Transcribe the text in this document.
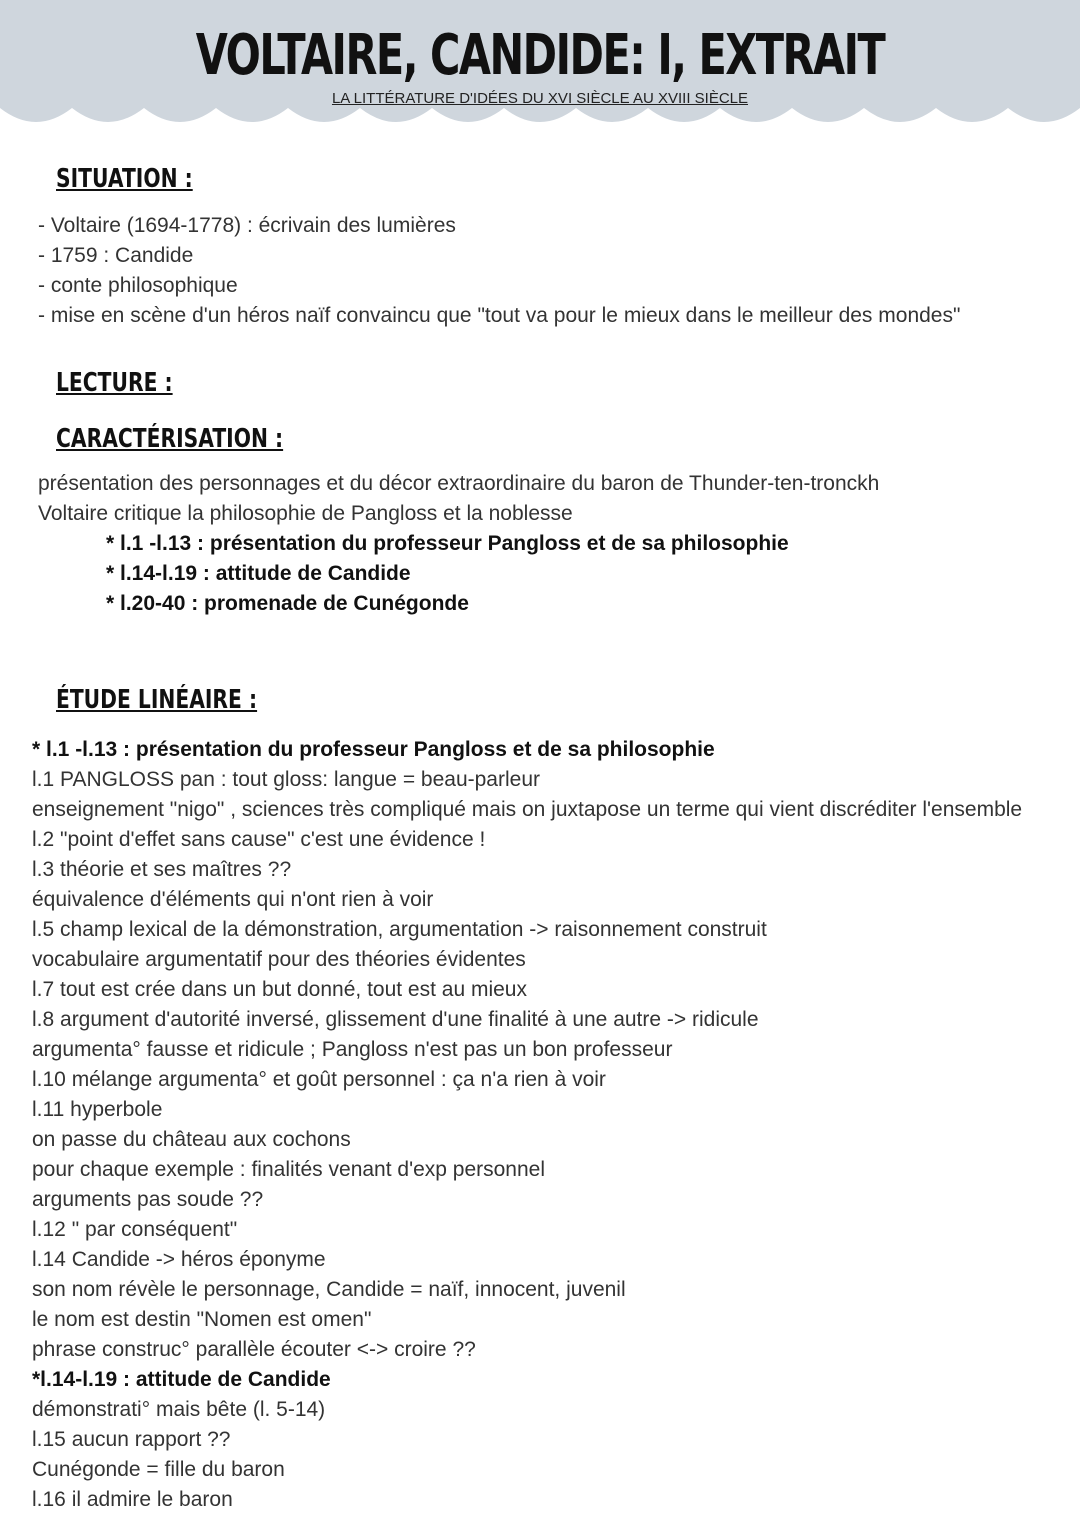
VOLTAIRE, CANDIDE: I, EXTRAIT
LA LITTÉRATURE D'IDÉES DU XVI SIÈCLE AU XVIII SIÈCLE
SITUATION :
- Voltaire (1694-1778) : écrivain des lumières
- 1759 : Candide
- conte philosophique
- mise en scène d'un héros naïf convaincu que "tout va pour le mieux dans le meilleur des mondes"
LECTURE :
CARACTÉRISATION :
présentation des personnages et du décor extraordinaire du baron de Thunder-ten-tronckh
Voltaire critique la philosophie de Pangloss et la noblesse
* l.1 -l.13 : présentation du professeur Pangloss et de sa philosophie
* l.14-l.19 : attitude de Candide
* l.20-40 : promenade de Cunégonde
ÉTUDE LINÉAIRE :
* l.1 -l.13 : présentation du professeur Pangloss et de sa philosophie
l.1 PANGLOSS pan : tout gloss: langue = beau-parleur
enseignement "nigo" , sciences très compliqué mais on juxtapose un terme qui vient discréditer l'ensemble
l.2 "point d'effet sans cause" c'est une évidence !
l.3 théorie et ses maîtres ??
équivalence d'éléments qui n'ont rien à voir
l.5 champ lexical de la démonstration, argumentation -> raisonnement construit
vocabulaire argumentatif pour des théories évidentes
l.7 tout est crée dans un but donné, tout est au mieux
l.8 argument d'autorité inversé, glissement d'une finalité à une autre -> ridicule
argumenta° fausse et ridicule ; Pangloss n'est pas un bon professeur
l.10 mélange argumenta° et goût personnel : ça n'a rien à voir
l.11 hyperbole
on passe du château aux cochons
pour chaque exemple : finalités venant d'exp personnel
arguments pas soude ??
l.12 " par conséquent"
l.14 Candide -> héros éponyme
son nom révèle le personnage, Candide = naïf, innocent, juvenil
le nom est destin "Nomen est omen"
phrase construc° parallèle écouter <-> croire ??
*l.14-l.19 : attitude de Candide
démonstrati° mais bête (l. 5-14)
l.15 aucun rapport ??
Cunégonde = fille du baron
l.16 il admire le baron
